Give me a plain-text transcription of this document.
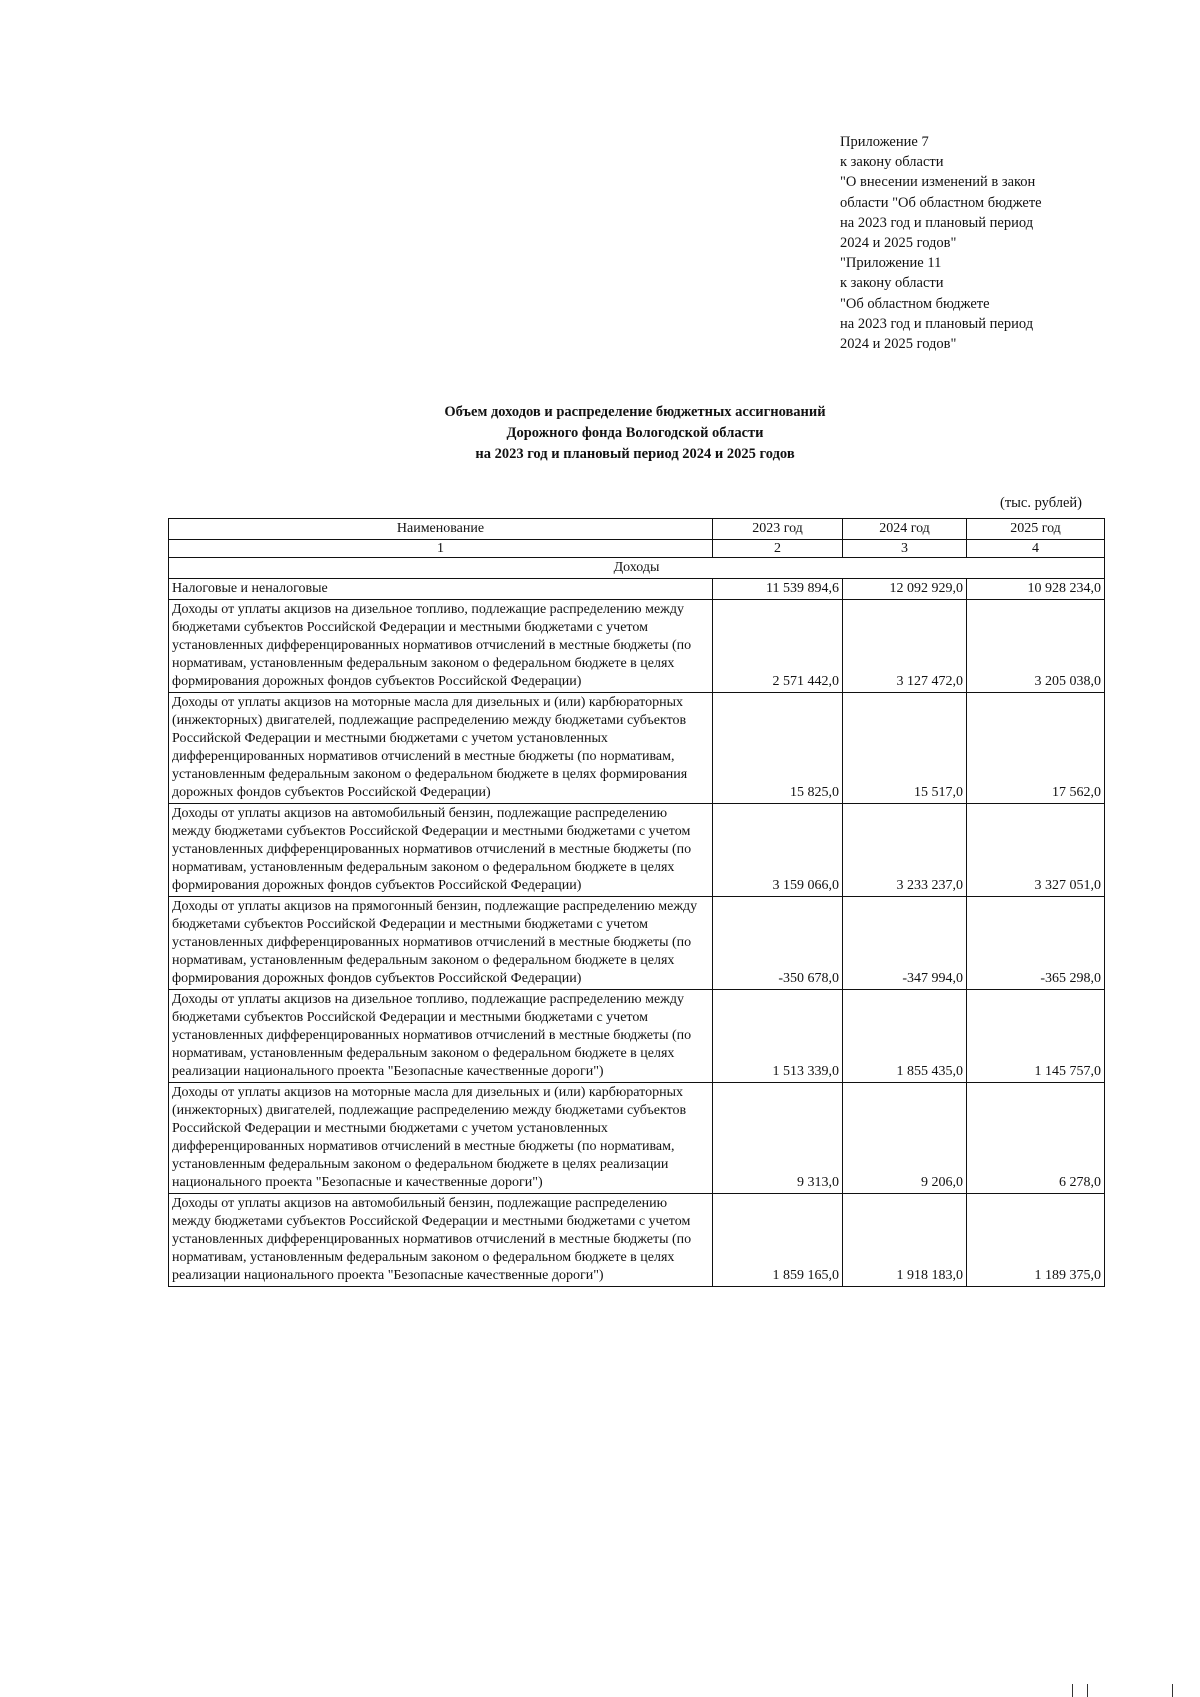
Приложение 7
к закону области
"О внесении изменений в закон
области "Об областном бюджете
на 2023 год и плановый период
2024 и 2025 годов"
"Приложение 11
к закону области
"Об областном бюджете
на 2023 год и плановый период
2024 и 2025 годов"
Объем доходов и распределение бюджетных ассигнований
Дорожного фонда Вологодской области
на 2023 год и плановый период 2024 и 2025 годов
(тыс. рублей)
Наименование	2023 год	2024 год	2025 год
1	2	3	4
Доходы			
Налоговые и неналоговые	11 539 894,6	12 092 929,0	10 928 234,0
Доходы от уплаты акцизов на дизельное топливо, подлежащие распределению между бюджетами субъектов Российской Федерации и местными бюджетами с учетом установленных дифференцированных нормативов отчислений в местные бюджеты (по нормативам, установленным федеральным законом о федеральном бюджете в целях формирования дорожных фондов субъектов Российской Федерации)	2 571 442,0	3 127 472,0	3 205 038,0
Доходы от уплаты акцизов на моторные масла для дизельных и (или) карбюраторных (инжекторных) двигателей, подлежащие распределению между бюджетами субъектов Российской Федерации и местными бюджетами с учетом установленных дифференцированных нормативов отчислений в местные бюджеты (по нормативам, установленным федеральным законом о федеральном бюджете в целях формирования дорожных фондов субъектов Российской Федерации)	15 825,0	15 517,0	17 562,0
Доходы от уплаты акцизов на автомобильный бензин, подлежащие распределению между бюджетами субъектов Российской Федерации и местными бюджетами с учетом установленных дифференцированных нормативов отчислений в местные бюджеты (по нормативам, установленным федеральным законом о федеральном бюджете в целях формирования дорожных фондов субъектов Российской Федерации)	3 159 066,0	3 233 237,0	3 327 051,0
Доходы от уплаты акцизов на прямогонный бензин, подлежащие распределению между бюджетами субъектов Российской Федерации и местными бюджетами с учетом установленных дифференцированных нормативов отчислений в местные бюджеты (по нормативам, установленным федеральным законом о федеральном бюджете в целях формирования дорожных фондов субъектов Российской Федерации)	-350 678,0	-347 994,0	-365 298,0
Доходы от уплаты акцизов на дизельное топливо, подлежащие распределению между бюджетами субъектов Российской Федерации и местными бюджетами с учетом установленных дифференцированных нормативов отчислений в местные бюджеты (по нормативам, установленным федеральным законом о федеральном бюджете в целях реализации национального проекта "Безопасные качественные дороги")	1 513 339,0	1 855 435,0	1 145 757,0
Доходы от уплаты акцизов на моторные масла для дизельных и (или) карбюраторных (инжекторных) двигателей, подлежащие распределению между бюджетами субъектов Российской Федерации и местными бюджетами с учетом установленных дифференцированных нормативов отчислений в местные бюджеты (по нормативам, установленным федеральным законом о федеральном бюджете в целях реализации национального проекта "Безопасные и качественные дороги")	9 313,0	9 206,0	6 278,0
Доходы от уплаты акцизов на автомобильный бензин, подлежащие распределению между бюджетами субъектов Российской Федерации и местными бюджетами с учетом установленных дифференцированных нормативов отчислений в местные бюджеты (по нормативам, установленным федеральным законом о федеральном бюджете в целях реализации национального проекта "Безопасные качественные дороги")	1 859 165,0	1 918 183,0	1 189 375,0
